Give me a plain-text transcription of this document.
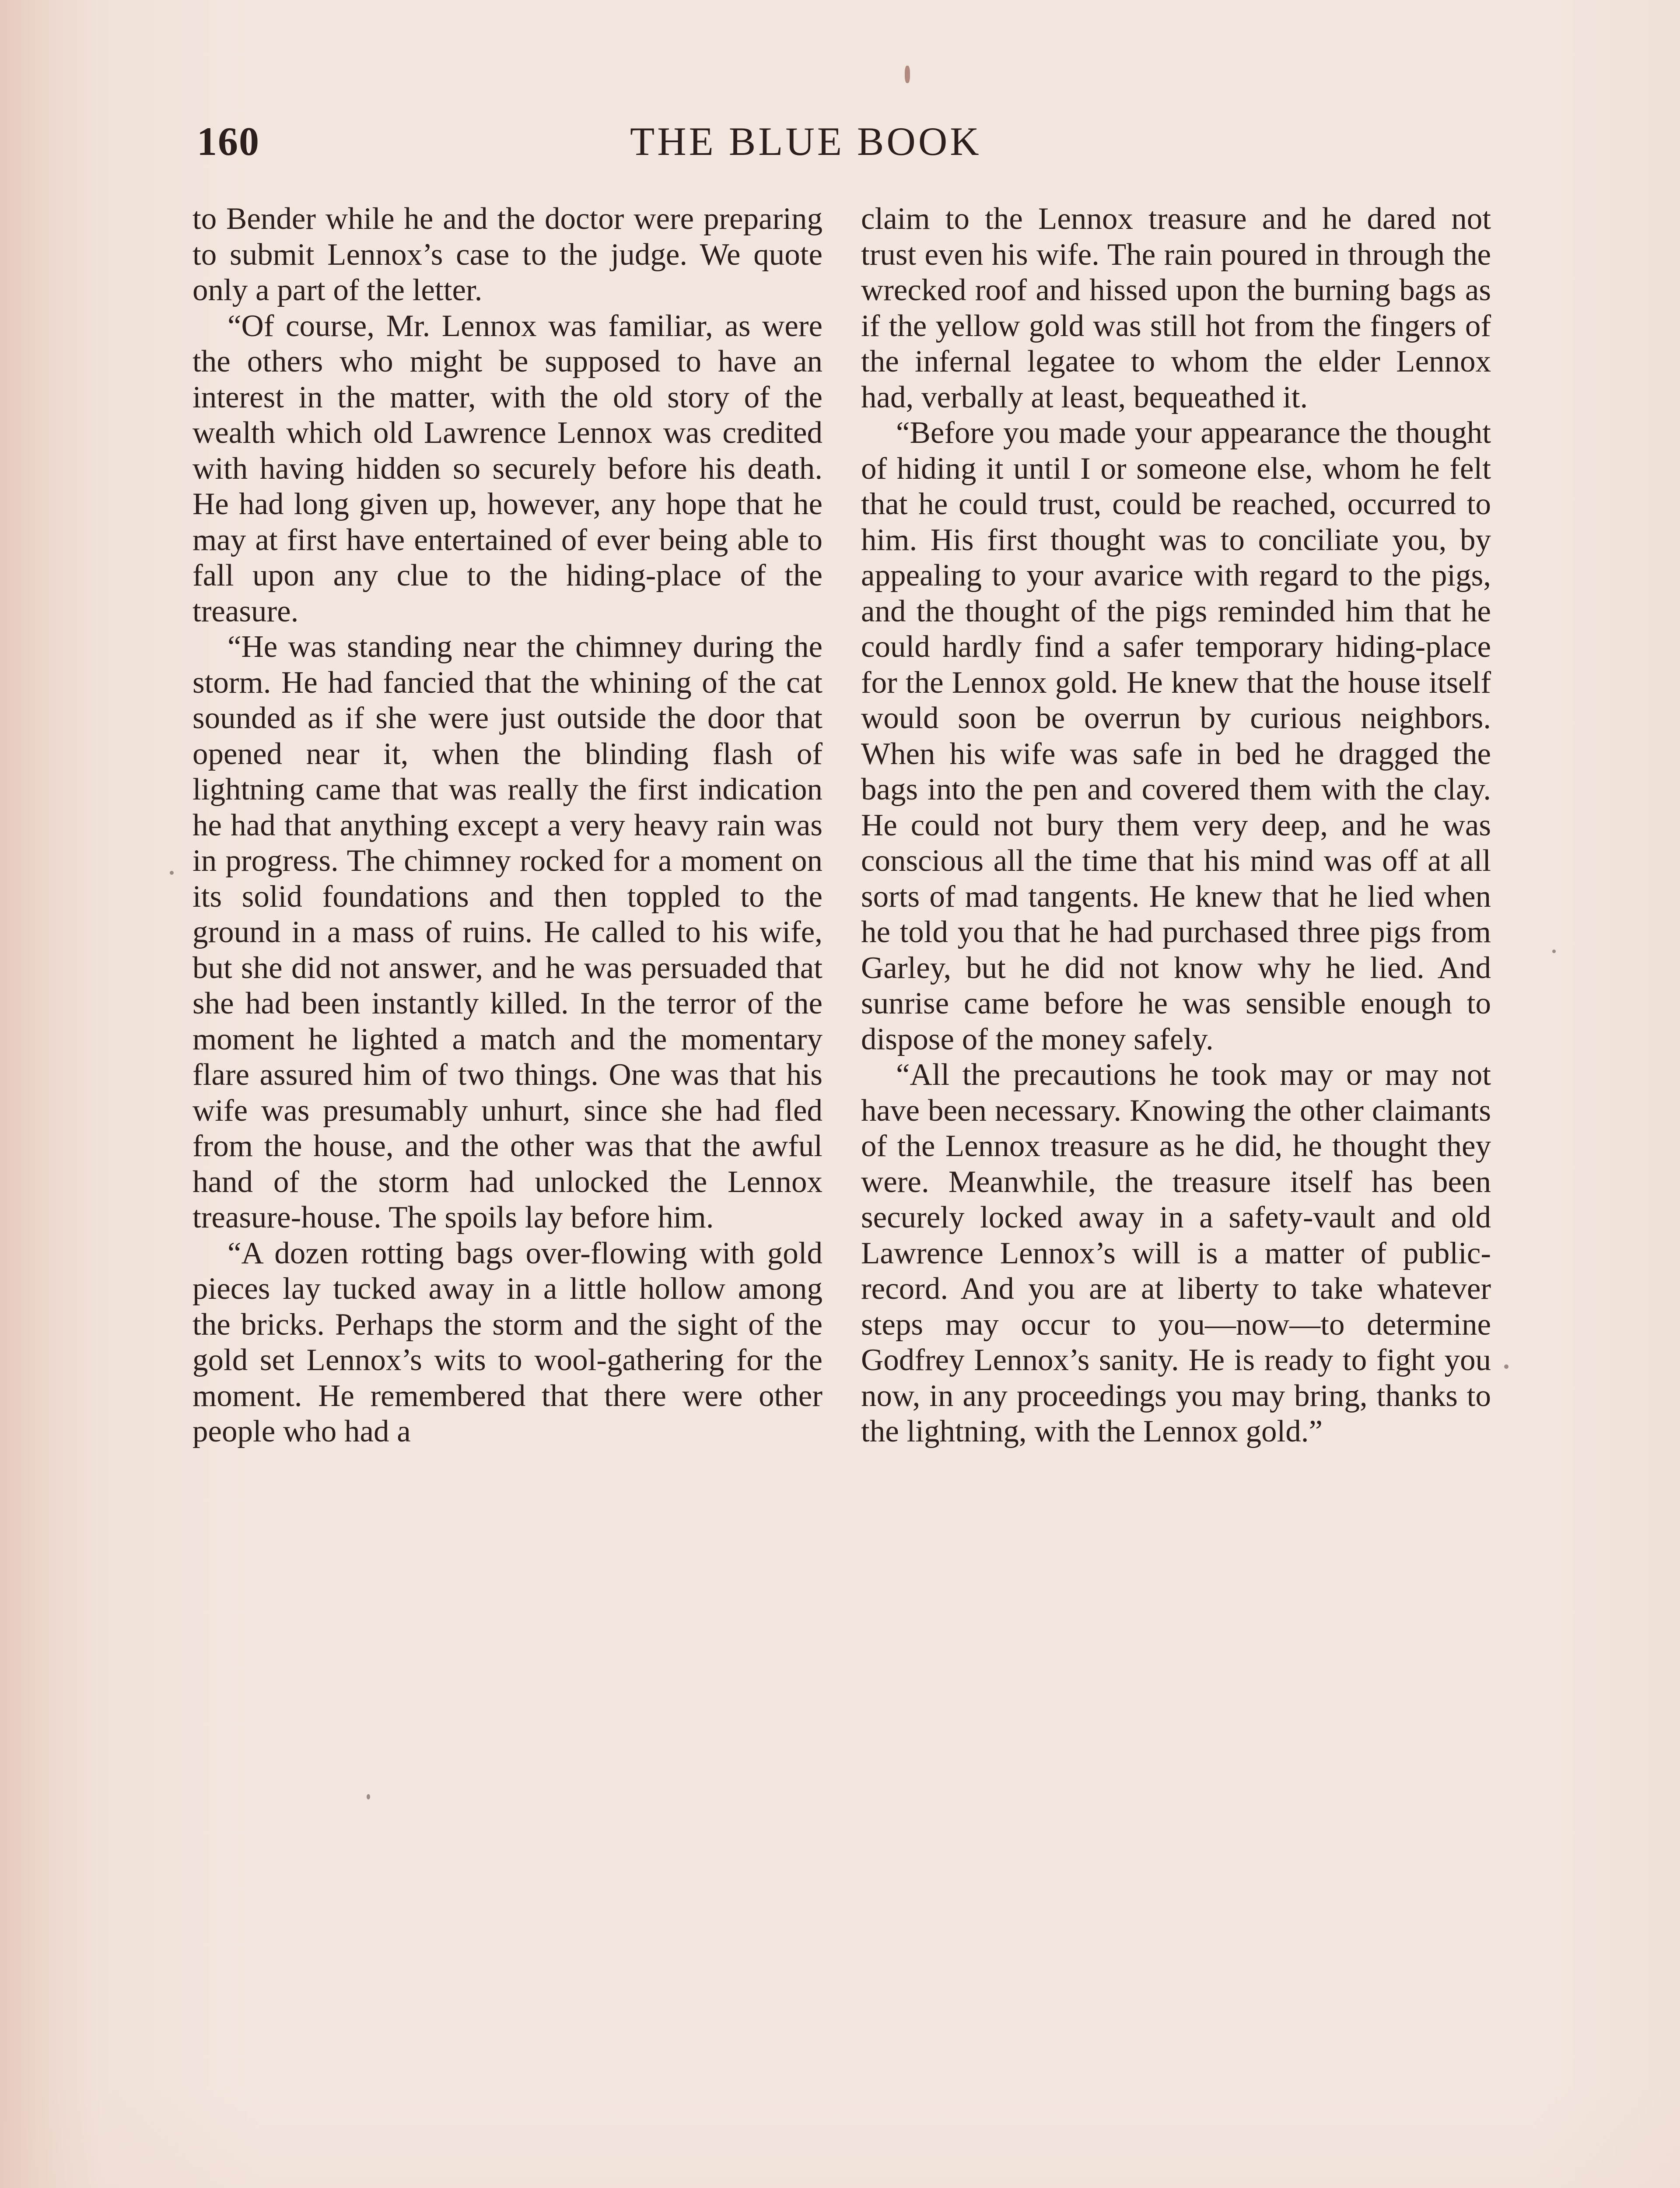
160	THE BLUE BOOK

to Bender while he and the doctor were preparing to submit Lennox’s case to the judge. We quote only a part of the letter.

“Of course, Mr. Lennox was familiar, as were the others who might be supposed to have an interest in the matter, with the old story of the wealth which old Lawrence Lennox was credited with having hidden so securely before his death. He had long given up, however, any hope that he may at first have entertained of ever being able to fall upon any clue to the hiding-place of the treasure.

“He was standing near the chimney during the storm. He had fancied that the whining of the cat sounded as if she were just outside the door that opened near it, when the blinding flash of lightning came that was really the first indication he had that anything except a very heavy rain was in progress. The chimney rocked for a moment on its solid foundations and then toppled to the ground in a mass of ruins. He called to his wife, but she did not answer, and he was persuaded that she had been instantly killed. In the terror of the moment he lighted a match and the momentary flare assured him of two things. One was that his wife was presumably unhurt, since she had fled from the house, and the other was that the awful hand of the storm had unlocked the Lennox treasure-house. The spoils lay before him.

“A dozen rotting bags over-flowing with gold pieces lay tucked away in a little hollow among the bricks. Perhaps the storm and the sight of the gold set Lennox’s wits to wool-gathering for the moment. He remembered that there were other people who had a

claim to the Lennox treasure and he dared not trust even his wife. The rain poured in through the wrecked roof and hissed upon the burning bags as if the yellow gold was still hot from the fingers of the infernal legatee to whom the elder Lennox had, verbally at least, bequeathed it.

“Before you made your appearance the thought of hiding it until I or someone else, whom he felt that he could trust, could be reached, occurred to him. His first thought was to conciliate you, by appealing to your avarice with regard to the pigs, and the thought of the pigs reminded him that he could hardly find a safer temporary hiding-place for the Lennox gold. He knew that the house itself would soon be overrun by curious neighbors. When his wife was safe in bed he dragged the bags into the pen and covered them with the clay. He could not bury them very deep, and he was conscious all the time that his mind was off at all sorts of mad tangents. He knew that he lied when he told you that he had purchased three pigs from Garley, but he did not know why he lied. And sunrise came before he was sensible enough to dispose of the money safely.

“All the precautions he took may or may not have been necessary. Knowing the other claimants of the Lennox treasure as he did, he thought they were. Meanwhile, the treasure itself has been securely locked away in a safety-vault and old Lawrence Lennox’s will is a matter of public-record. And you are at liberty to take whatever steps may occur to you—now—to determine Godfrey Lennox’s sanity. He is ready to fight you now, in any proceedings you may bring, thanks to the lightning, with the Lennox gold.”
